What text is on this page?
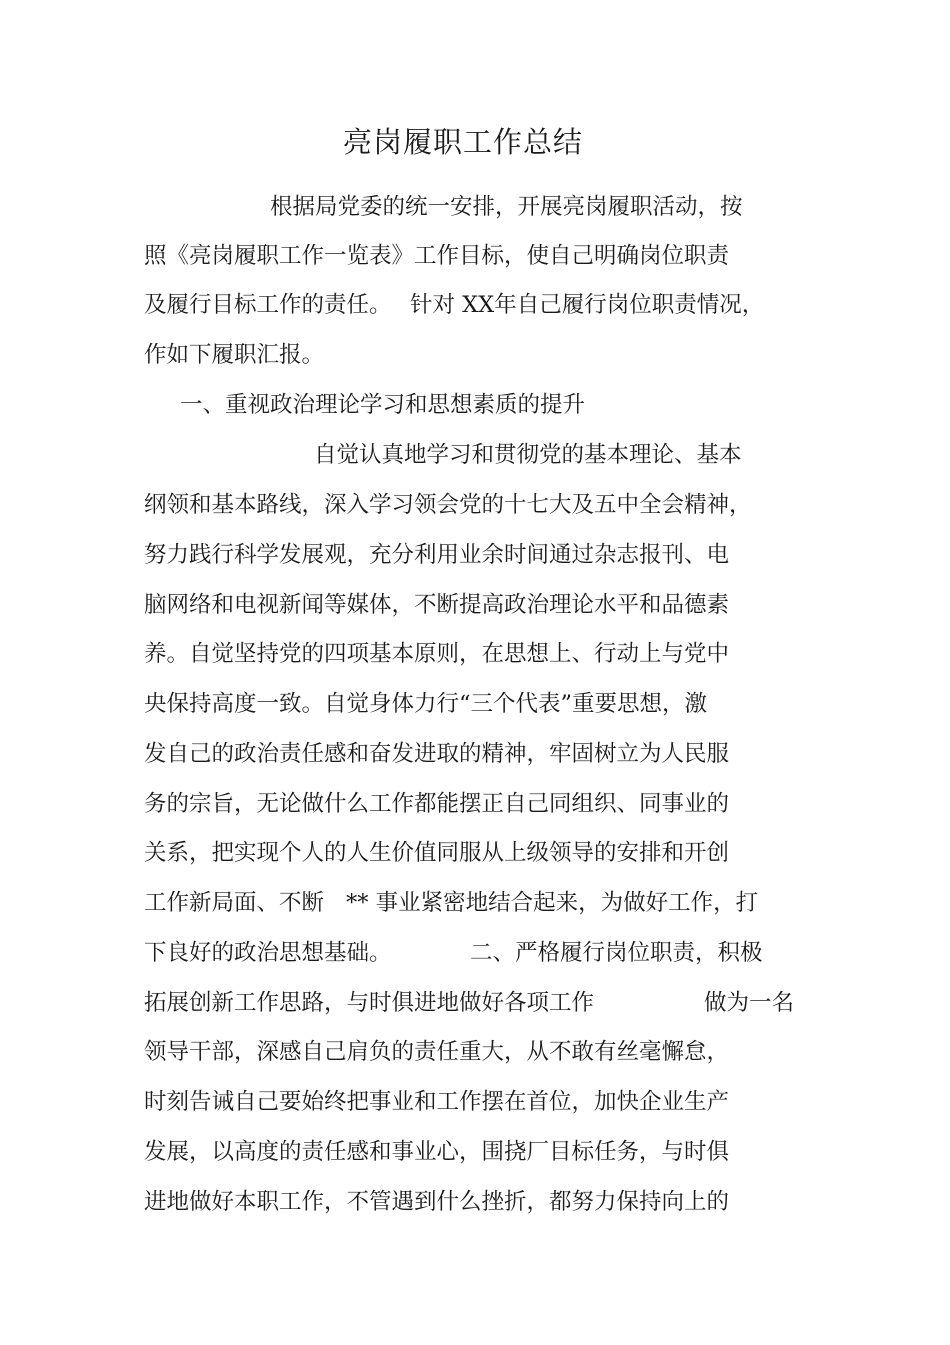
亮岗履职工作总结

根据局党委的统一安排，开展亮岗履职活动，按

照《亮岗履职工作一览表》工作目标，使自己明确岗位职责

及履行目标工作的责任。 针对 XX年自己履行岗位职责情况，

作如下履职汇报。

一、重视政治理论学习和思想素质的提升

自觉认真地学习和贯彻党的基本理论、基本

纲领和基本路线，深入学习领会党的十七大及五中全会精神，

努力践行科学发展观，充分利用业余时间通过杂志报刊、电

脑网络和电视新闻等媒体，不断提高政治理论水平和品德素

养。自觉坚持党的四项基本原则，在思想上、行动上与党中

央保持高度一致。自觉身体力行“三个代表”重要思想，激

发自己的政治责任感和奋发进取的精神，牢固树立为人民服

务的宗旨，无论做什么工作都能摆正自己同组织、同事业的

关系，把实现个人的人生价值同服从上级领导的安排和开创

工作新局面、不断 ** 事业紧密地结合起来，为做好工作，打

下良好的政治思想基础。	二、严格履行岗位职责，积极

拓展创新工作思路，与时俱进地做好各项工作	做为一名

领导干部，深感自己肩负的责任重大，从不敢有丝毫懈怠，

时刻告诫自己要始终把事业和工作摆在首位，加快企业生产

发展，以高度的责任感和事业心，围挠厂目标任务，与时俱

进地做好本职工作，不管遇到什么挫折，都努力保持向上的
